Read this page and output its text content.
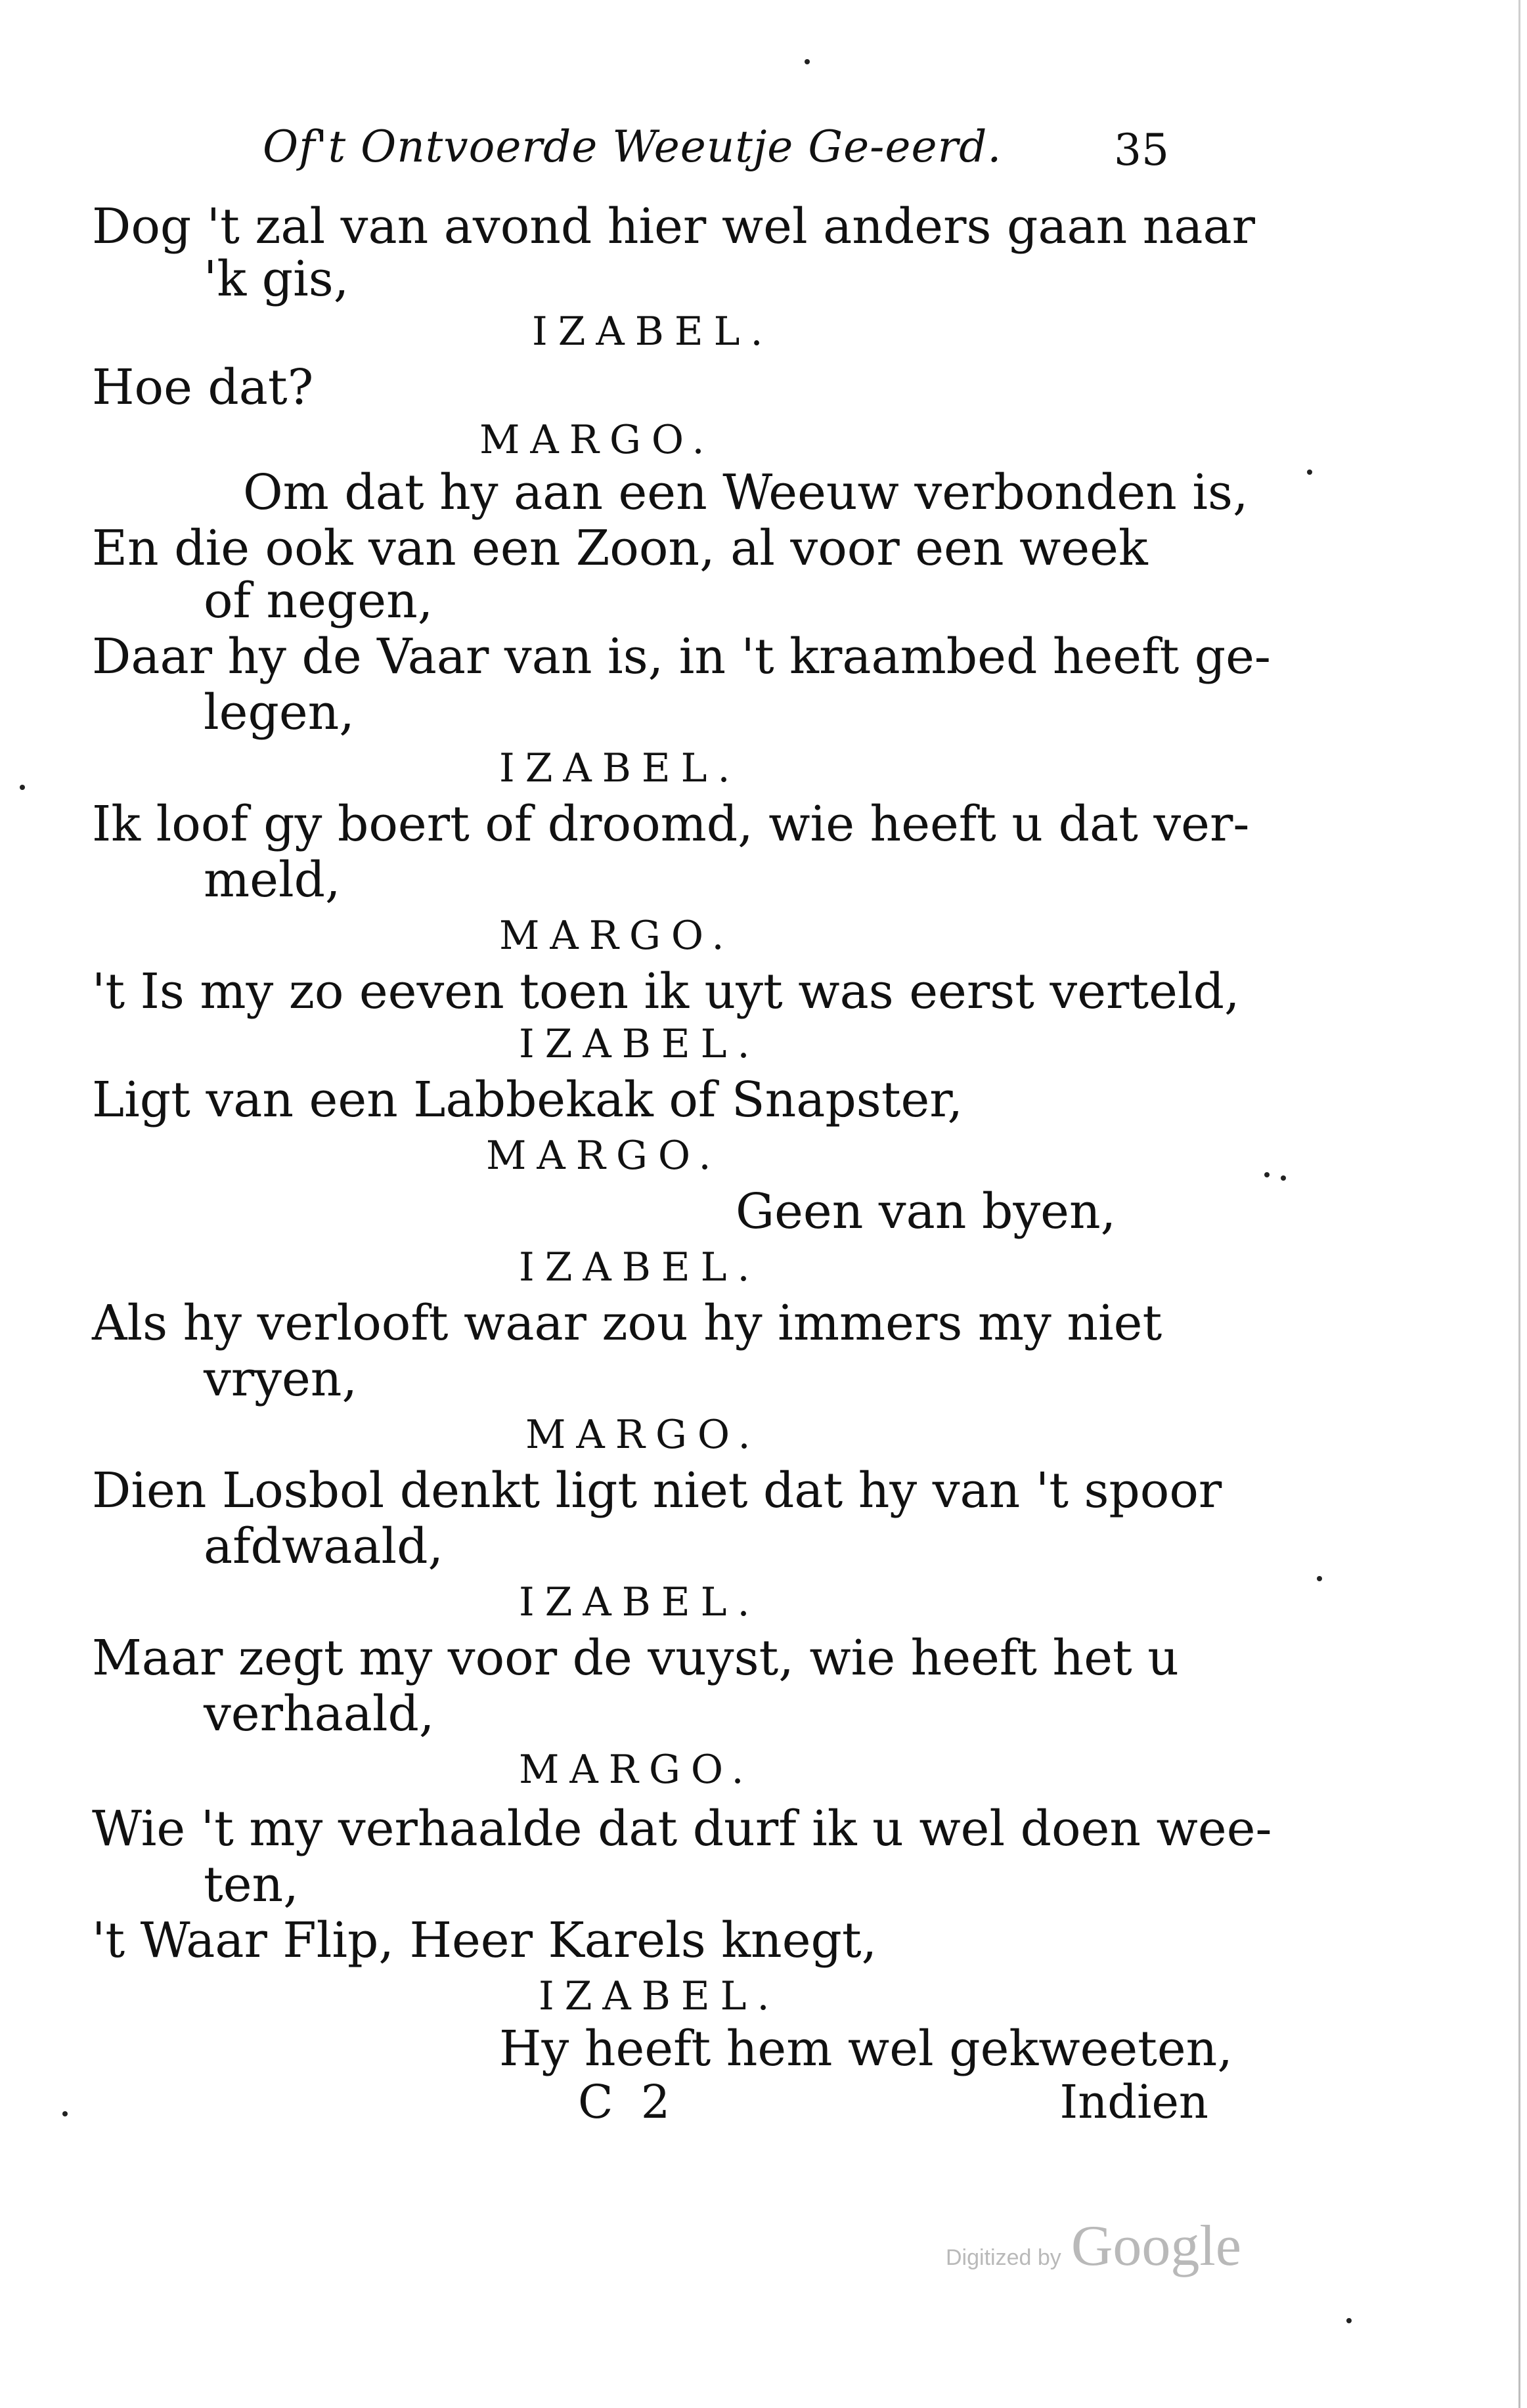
Of't Ontvoerde Weeutje Ge-eerd.	35
Dog 't zal van avond hier wel anders gaan naar
'k gis,
IZABEL.
Hoe dat?
MARGO.
Om dat hy aan een Weeuw verbonden is,
En die ook van een Zoon, al voor een week
of negen,
Daar hy de Vaar van is, in 't kraambed heeft ge-
legen,
IZABEL.
Ik loof gy boert of droomd, wie heeft u dat ver-
meld,
MARGO.
't Is my zo eeven toen ik uyt was eerst verteld,
IZABEL.
Ligt van een Labbekak of Snapster,
MARGO.
Geen van byen,
IZABEL.
Als hy verlooft waar zou hy immers my niet
vryen,
MARGO.
Dien Losbol denkt ligt niet dat hy van 't spoor
afdwaald,
IZABEL.
Maar zegt my voor de vuyst, wie heeft het u
verhaald,
MARGO.
Wie 't my verhaalde dat durf ik u wel doen wee-
ten,
't Waar Flip, Heer Karels knegt,
IZABEL.
Hy heeft hem wel gekweeten,
C 2	Indien
Digitized by Google
